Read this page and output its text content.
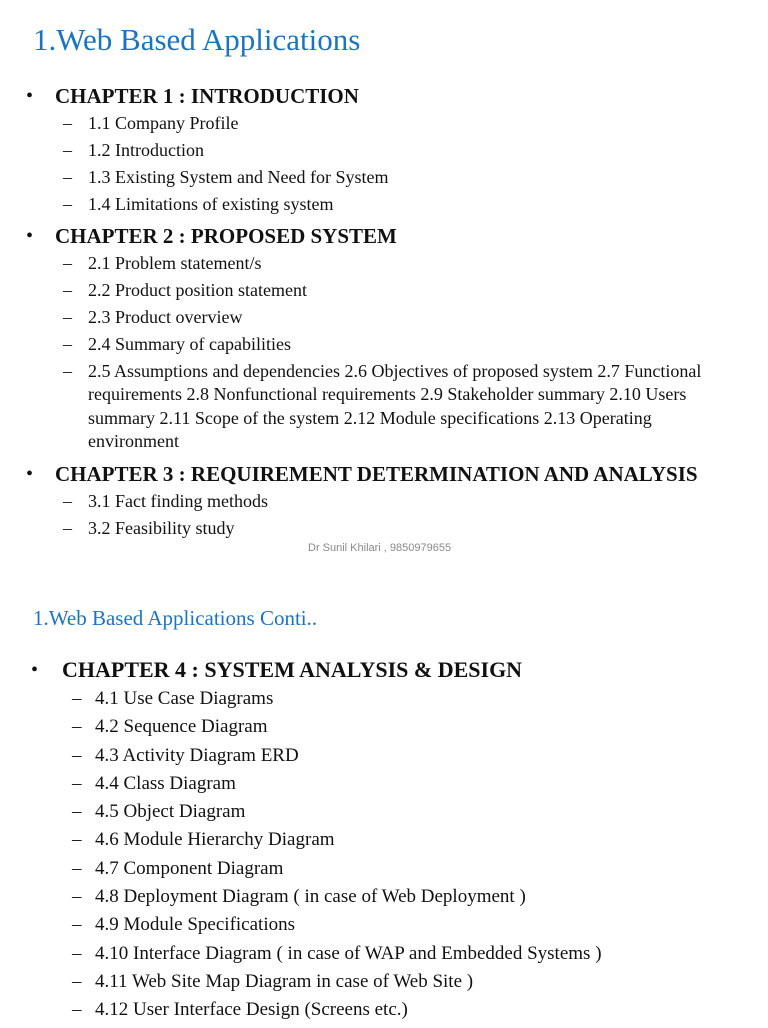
1.Web Based Applications
• CHAPTER 1 : INTRODUCTION
– 1.1 Company Profile
– 1.2 Introduction
– 1.3 Existing System and Need for System
– 1.4 Limitations of existing system
• CHAPTER 2 : PROPOSED SYSTEM
– 2.1 Problem statement/s
– 2.2 Product position statement
– 2.3 Product overview
– 2.4 Summary of capabilities
– 2.5 Assumptions and dependencies 2.6 Objectives of proposed system 2.7 Functional requirements 2.8 Nonfunctional requirements 2.9 Stakeholder summary 2.10 Users summary 2.11 Scope of the system 2.12 Module specifications 2.13 Operating environment
• CHAPTER 3 : REQUIREMENT DETERMINATION AND ANALYSIS
– 3.1 Fact finding methods
– 3.2 Feasibility study
Dr Sunil Khilari , 9850979655
1.Web Based Applications Conti..
• CHAPTER 4 : SYSTEM ANALYSIS & DESIGN
– 4.1 Use Case Diagrams
– 4.2 Sequence Diagram
– 4.3 Activity Diagram ERD
– 4.4 Class Diagram
– 4.5 Object Diagram
– 4.6 Module Hierarchy Diagram
– 4.7 Component Diagram
– 4.8 Deployment Diagram ( in case of Web Deployment )
– 4.9 Module Specifications
– 4.10 Interface Diagram ( in case of WAP and Embedded Systems )
– 4.11 Web Site Map Diagram in case of Web Site )
– 4.12 User Interface Design (Screens etc.)
